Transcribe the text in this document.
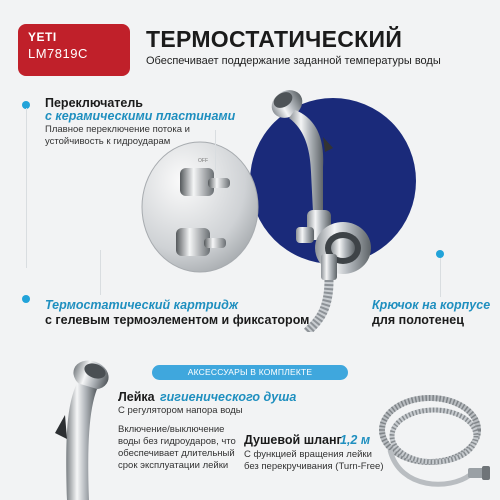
YETI
LM7819C
ТЕРМОСТАТИЧЕСКИЙ
Обеспечивает поддержание заданной температуры воды
OFF
Переключатель
с керамическими пластинами
Плавное переключение потока и устойчивость к гидроударам
Термостатический картридж
с гелевым термоэлементом и фиксатором
Крючок на корпусе
для полотенец
АКСЕССУАРЫ В КОМПЛЕКТЕ
Лейка гигиенического душа
С регулятором напора воды
Включение/выключение воды без гидроударов, что обеспечивает длительный срок эксплуатации лейки
Душевой шланг
1,2 м
С функцией вращения лейки без перекручивания (Turn-Free)
